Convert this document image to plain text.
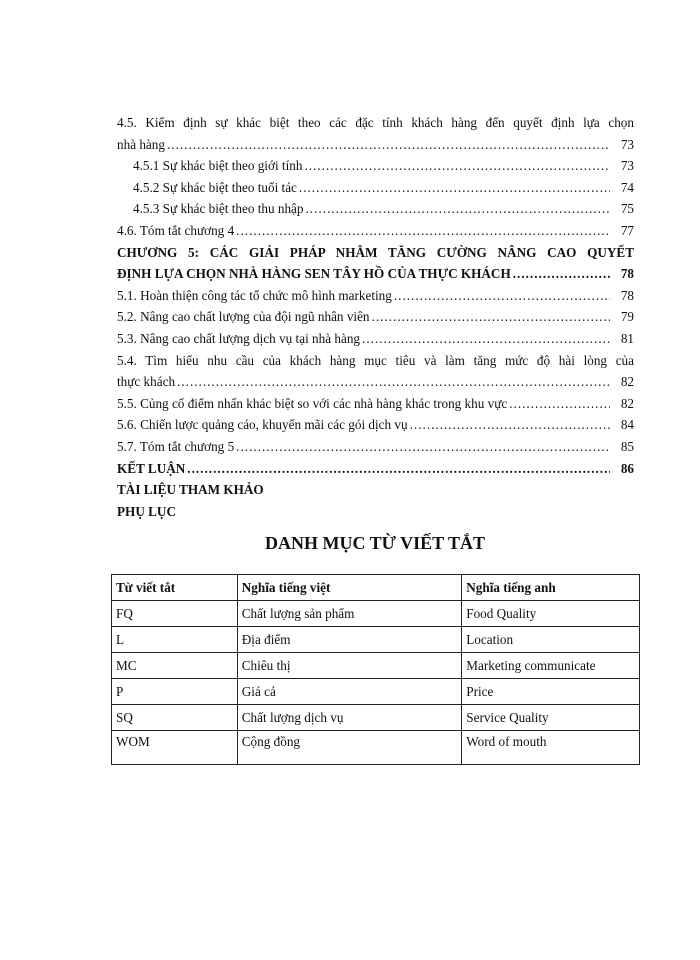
4.5. Kiểm định sự khác biệt theo các đặc tính khách hàng đến quyết định lựa chọn
nhà hàng .....	73
4.5.1 Sự khác biệt theo giới tính .....	73
4.5.2 Sự khác biệt theo tuổi tác .....	74
4.5.3 Sự khác biệt theo thu nhập .....	75
4.6. Tóm tắt chương 4 .....	77
CHƯƠNG 5: CÁC GIẢI PHÁP NHẰM TĂNG CƯỜNG NÂNG CAO QUYẾT
ĐỊNH LỰA CHỌN NHÀ HÀNG SEN TÂY HỒ CỦA THỰC KHÁCH .....	78
5.1. Hoàn thiện công tác tổ chức mô hình marketing .....	78
5.2. Nâng cao chất lượng của đội ngũ nhân viên .....	79
5.3. Nâng cao chất lượng dịch vụ tại nhà hàng .....	81
5.4. Tìm hiểu nhu cầu của khách hàng mục tiêu và làm tăng mức độ hài lòng của
thực khách .....	82
5.5. Củng cố điểm nhấn khác biệt so với các nhà hàng khác trong khu vực .....	82
5.6. Chiến lược quảng cáo, khuyến mãi các gói dịch vụ .....	84
5.7. Tóm tắt chương 5 .....	85
KẾT LUẬN .....	86
TÀI LIỆU THAM KHẢO
PHỤ LỤC
DANH MỤC TỪ VIẾT TẮT
Từ viết tắt	Nghĩa tiếng việt	Nghĩa tiếng anh
FQ	Chất lượng sản phẩm	Food Quality
L	Địa điểm	Location
MC	Chiêu thị	Marketing communicate
P	Giá cả	Price
SQ	Chất lượng dịch vụ	Service Quality
WOM	Cộng đồng	Word of mouth
